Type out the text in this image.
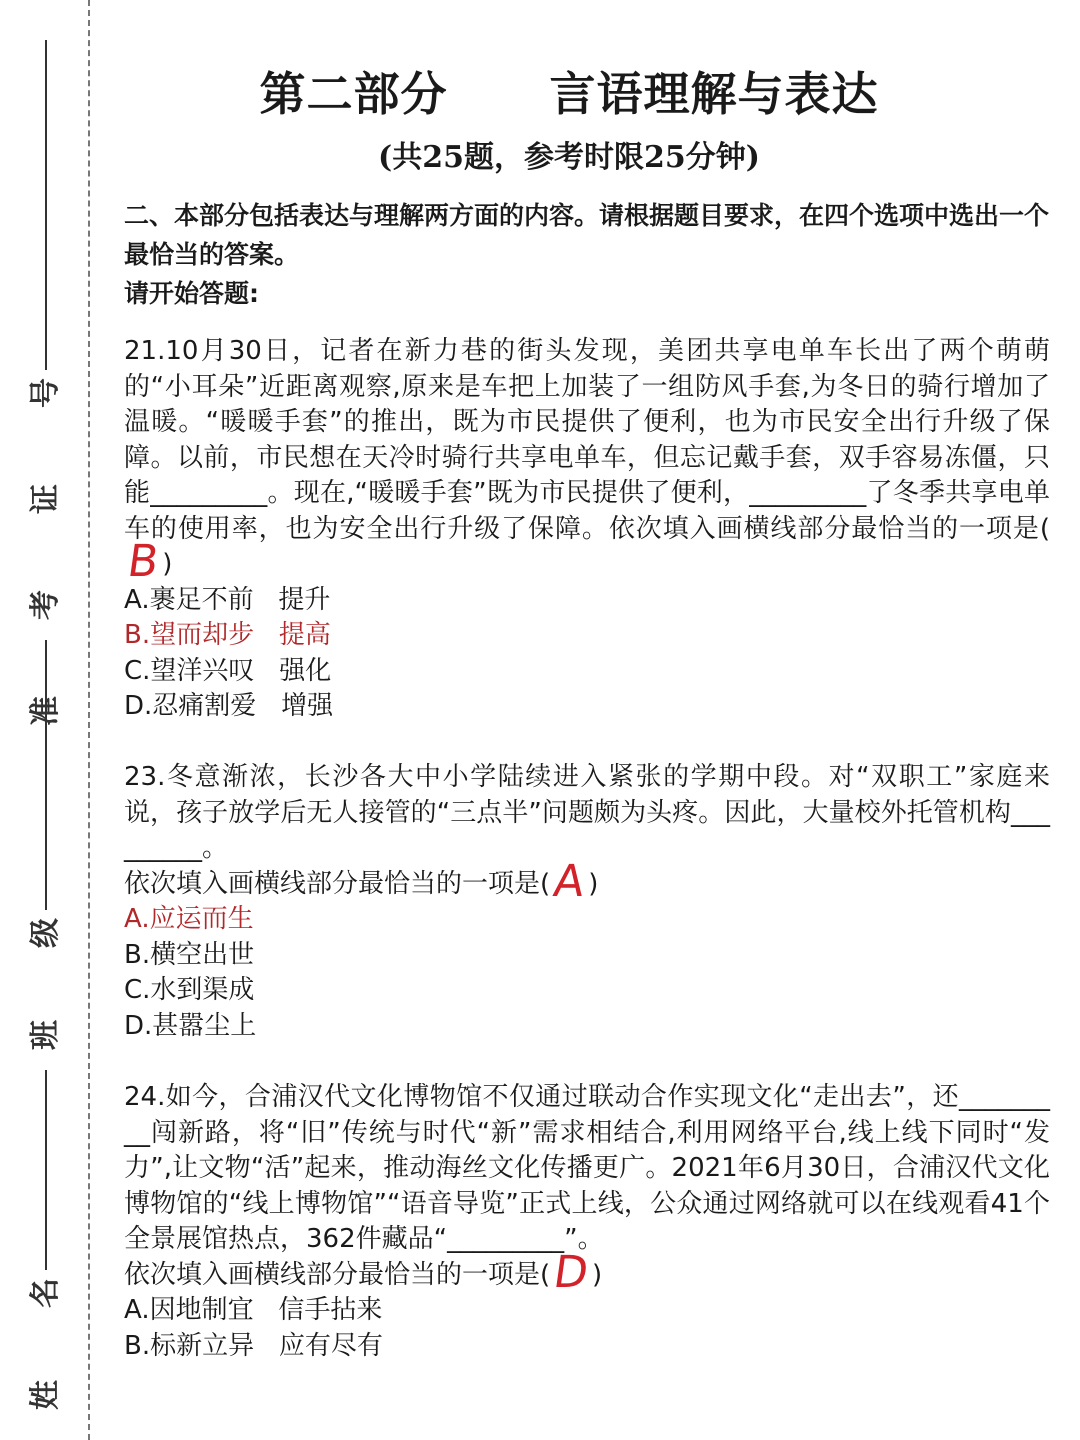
号
证
考
准
级
班
名
姓
第二部分      言语理解与表达
(共25题，参考时限25分钟)
二、本部分包括表达与理解两方面的内容。请根据题目要求，在四个选项中选出一个最恰当的答案。
请开始答题:
21.10月30日，记者在新力巷的街头发现，美团共享电单车长出了两个萌萌的“小耳朵”近距离观察,原来是车把上加装了一组防风手套,为冬日的骑行增加了温暖。“暖暖手套”的推出，既为市民提供了便利，也为市民安全出行升级了保障。以前，市民想在天冷时骑行共享电单车，但忘记戴手套，双手容易冻僵，只能_________。现在,“暖暖手套”既为市民提供了便利，_________了冬季共享电单车的使用率，也为安全出行升级了保障。依次填入画横线部分最恰当的一项是(B)
A.裹足不前   提升
B.望而却步   提高
C.望洋兴叹   强化
D.忍痛割爱   增强
23.冬意渐浓，长沙各大中小学陆续进入紧张的学期中段。对“双职工”家庭来说，孩子放学后无人接管的“三点半”问题颇为头疼。因此，大量校外托管机构_________。
依次填入画横线部分最恰当的一项是(A)
A.应运而生
B.横空出世
C.水到渠成
D.甚嚣尘上
24.如今，合浦汉代文化博物馆不仅通过联动合作实现文化“走出去”，还_________闯新路，将“旧”传统与时代“新”需求相结合,利用网络平台,线上线下同时“发力”,让文物“活”起来，推动海丝文化传播更广。2021年6月30日，合浦汉代文化博物馆的“线上博物馆”“语音导览”正式上线，公众通过网络就可以在线观看41个全景展馆热点，362件藏品“_________”。
依次填入画横线部分最恰当的一项是(D)
A.因地制宜   信手拈来
B.标新立异   应有尽有
